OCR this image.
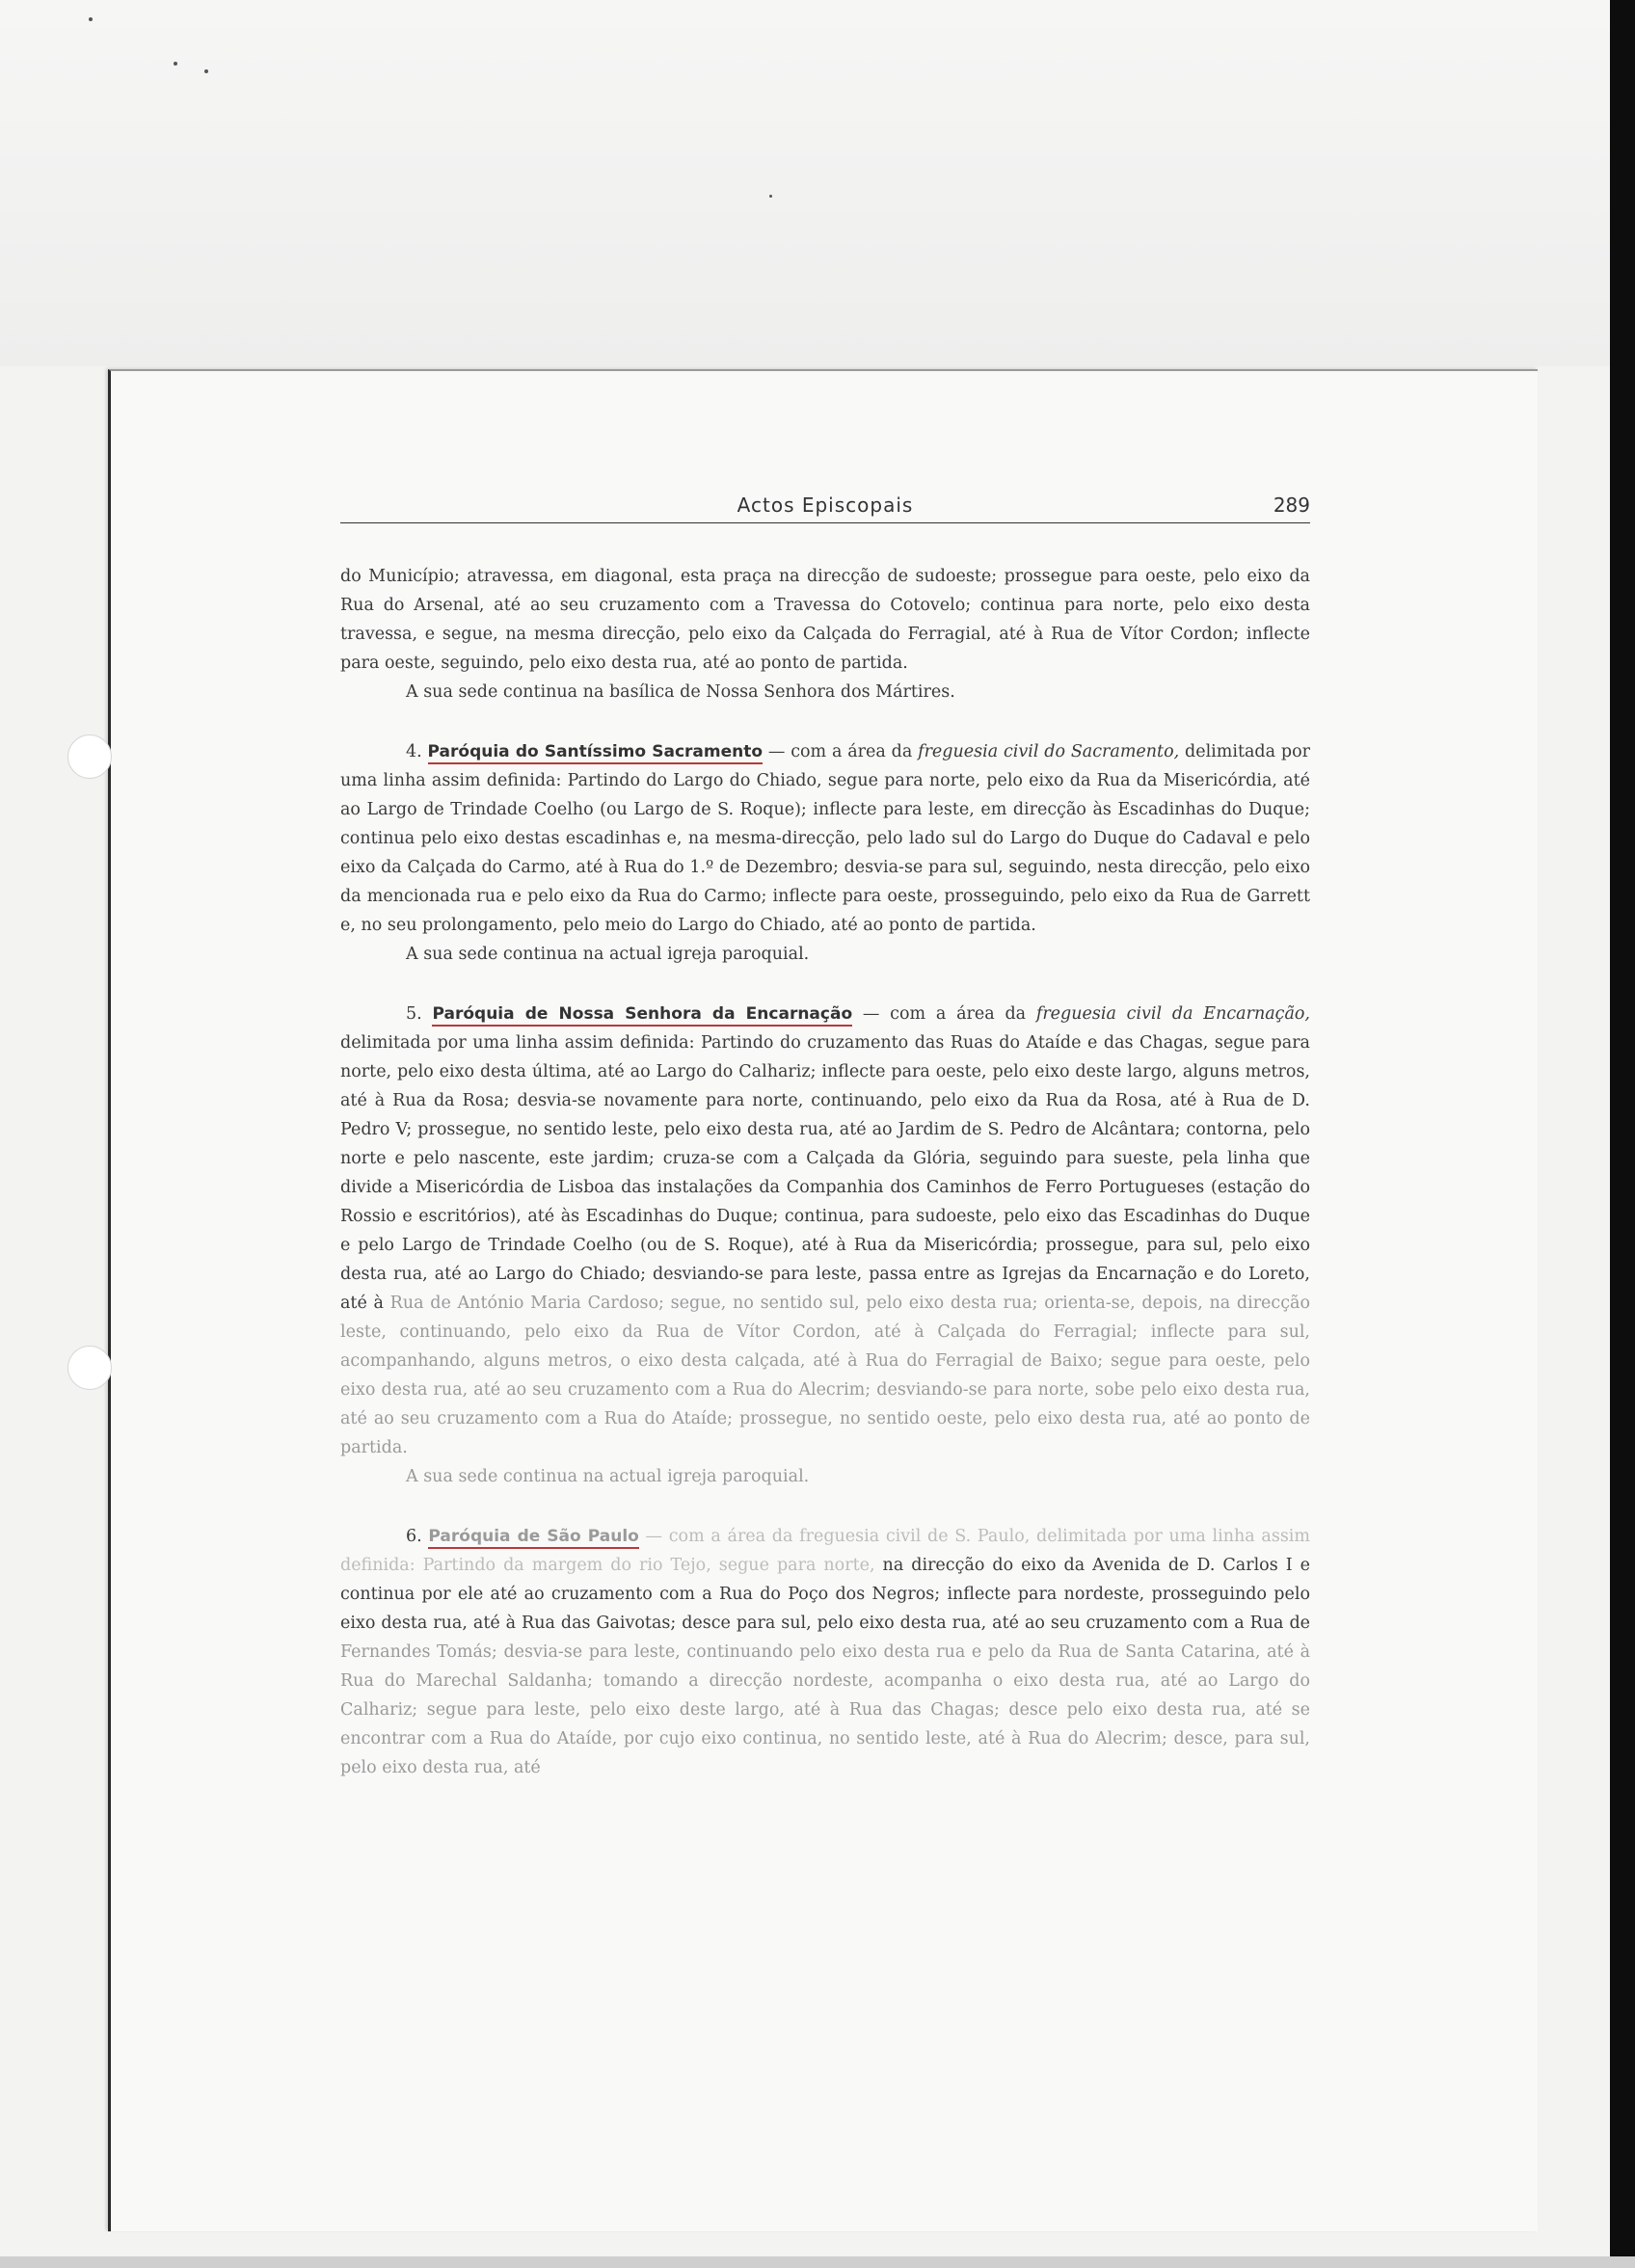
Actos Episcopais	289

do Município; atravessa, em diagonal, esta praça na direcção de sudoeste; prossegue para oeste, pelo eixo da Rua do Arsenal, até ao seu cruzamento com a Travessa do Cotovelo; continua para norte, pelo eixo desta travessa, e segue, na mesma direcção, pelo eixo da Calçada do Ferragial, até à Rua de Vítor Cordon; inflecte para oeste, seguindo, pelo eixo desta rua, até ao ponto de partida.

A sua sede continua na basílica de Nossa Senhora dos Mártires.

4. Paróquia do Santíssimo Sacramento — com a área da freguesia civil do Sacramento, delimitada por uma linha assim definida: Partindo do Largo do Chiado, segue para norte, pelo eixo da Rua da Misericórdia, até ao Largo de Trindade Coelho (ou Largo de S. Roque); inflecte para leste, em direcção às Escadinhas do Duque; continua pelo eixo destas escadinhas e, na mesma-direcção, pelo lado sul do Largo do Duque do Cadaval e pelo eixo da Calçada do Carmo, até à Rua do 1.º de Dezembro; desvia-se para sul, seguindo, nesta direcção, pelo eixo da mencionada rua e pelo eixo da Rua do Carmo; inflecte para oeste, prosseguindo, pelo eixo da Rua de Garrett e, no seu prolongamento, pelo meio do Largo do Chiado, até ao ponto de partida.

A sua sede continua na actual igreja paroquial.

5. Paróquia de Nossa Senhora da Encarnação — com a área da freguesia civil da Encarnação, delimitada por uma linha assim definida: Partindo do cruzamento das Ruas do Ataíde e das Chagas, segue para norte, pelo eixo desta última, até ao Largo do Calhariz; inflecte para oeste, pelo eixo deste largo, alguns metros, até à Rua da Rosa; desvia-se novamente para norte, continuando, pelo eixo da Rua da Rosa, até à Rua de D. Pedro V; prossegue, no sentido leste, pelo eixo desta rua, até ao Jardim de S. Pedro de Alcântara; contorna, pelo norte e pelo nascente, este jardim; cruza-se com a Calçada da Glória, seguindo para sueste, pela linha que divide a Misericórdia de Lisboa das instalações da Companhia dos Caminhos de Ferro Portugueses (estação do Rossio e escritórios), até às Escadinhas do Duque; continua, para sudoeste, pelo eixo das Escadinhas do Duque e pelo Largo de Trindade Coelho (ou de S. Roque), até à Rua da Misericórdia; prossegue, para sul, pelo eixo desta rua, até ao Largo do Chiado; desviando-se para leste, passa entre as Igrejas da Encarnação e do Loreto, até à Rua de António Maria Cardoso; segue, no sentido sul, pelo eixo desta rua; orienta-se, depois, na direcção leste, continuando, pelo eixo da Rua de Vítor Cordon, até à Calçada do Ferragial; inflecte para sul, acompanhando, alguns metros, o eixo desta calçada, até à Rua do Ferragial de Baixo; segue para oeste, pelo eixo desta rua, até ao seu cruzamento com a Rua do Alecrim; desviando-se para norte, sobe pelo eixo desta rua, até ao seu cruzamento com a Rua do Ataíde; prossegue, no sentido oeste, pelo eixo desta rua, até ao ponto de partida.

A sua sede continua na actual igreja paroquial.

6. Paróquia de São Paulo — com a área da freguesia civil de S. Paulo, delimitada por uma linha assim definida: Partindo da margem do rio Tejo, segue para norte, na direcção do eixo da Avenida de D. Carlos I e continua por ele até ao cruzamento com a Rua do Poço dos Negros; inflecte para nordeste, prosseguindo pelo eixo desta rua, até à Rua das Gaivotas; desce para sul, pelo eixo desta rua, até ao seu cruzamento com a Rua de Fernandes Tomás; desvia-se para leste, continuando pelo eixo desta rua e pelo da Rua de Santa Catarina, até à Rua do Marechal Saldanha; tomando a direcção nordeste, acompanha o eixo desta rua, até ao Largo do Calhariz; segue para leste, pelo eixo deste largo, até à Rua das Chagas; desce pelo eixo desta rua, até se encontrar com a Rua do Ataíde, por cujo eixo continua, no sentido leste, até à Rua do Alecrim; desce, para sul, pelo eixo desta rua, até
